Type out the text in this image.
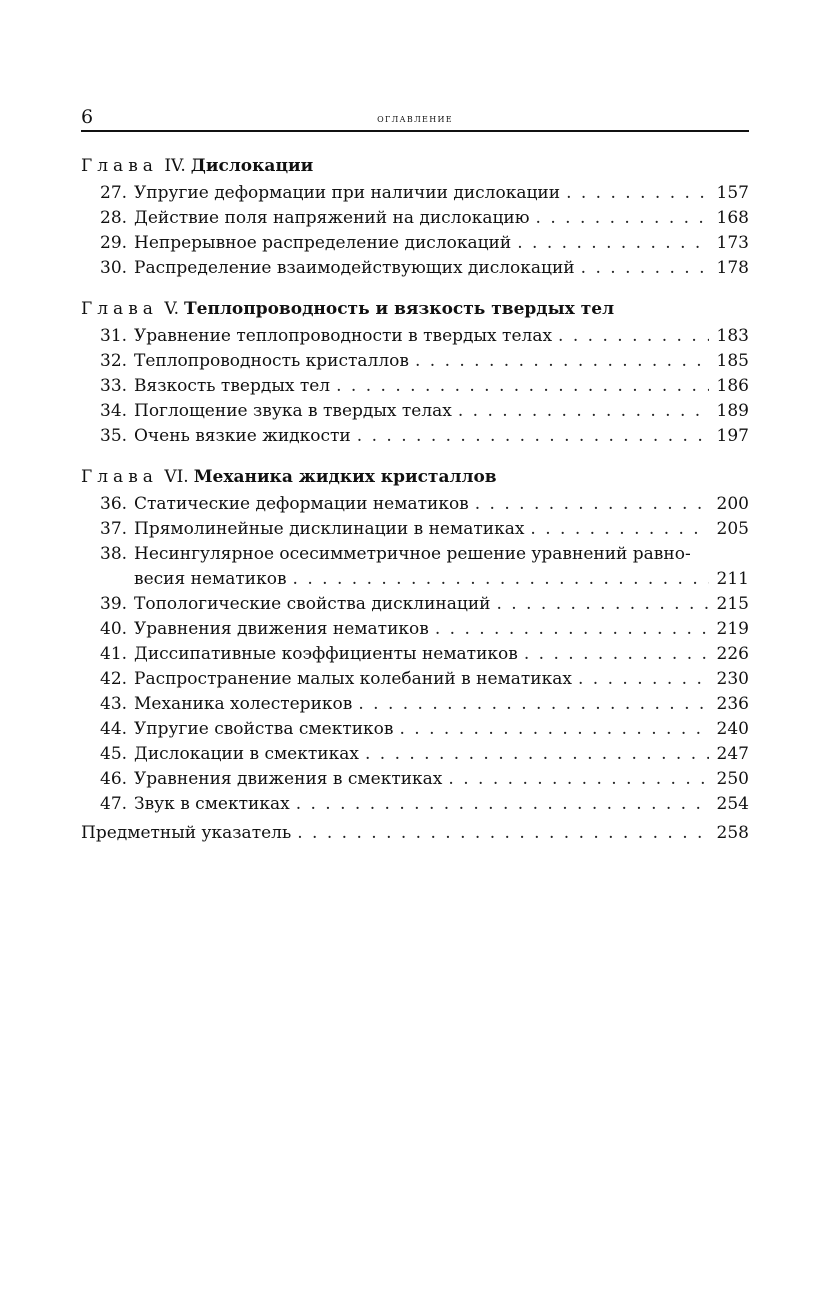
6	оглавление
Глава IV. Дислокации
27. Упругие деформации при наличии дислокации . . .	157
28. Действие поля напряжений на дислокацию . . .	168
29. Непрерывное распределение дислокаций . . .	173
30. Распределение взаимодействующих дислокаций . . .	178
Глава V. Теплопроводность и вязкость твердых тел
31. Уравнение теплопроводности в твердых телах . . .	183
32. Теплопроводность кристаллов . . .	185
33. Вязкость твердых тел . . .	186
34. Поглощение звука в твердых телах . . .	189
35. Очень вязкие жидкости . . .	197
Глава VI. Механика жидких кристаллов
36. Статические деформации нематиков . . .	200
37. Прямолинейные дисклинации в нематиках . . .	205
38. Несингулярное осесимметричное решение уравнений равно-
весия нематиков . . .	211
39. Топологические свойства дисклинаций . . .	215
40. Уравнения движения нематиков . . .	219
41. Диссипативные коэффициенты нематиков . . .	226
42. Распространение малых колебаний в нематиках . . .	230
43. Механика холестериков . . .	236
44. Упругие свойства смектиков . . .	240
45. Дислокации в смектиках . . .	247
46. Уравнения движения в смектиках . . .	250
47. Звук в смектиках . . .	254
Предметный указатель . . .	258
